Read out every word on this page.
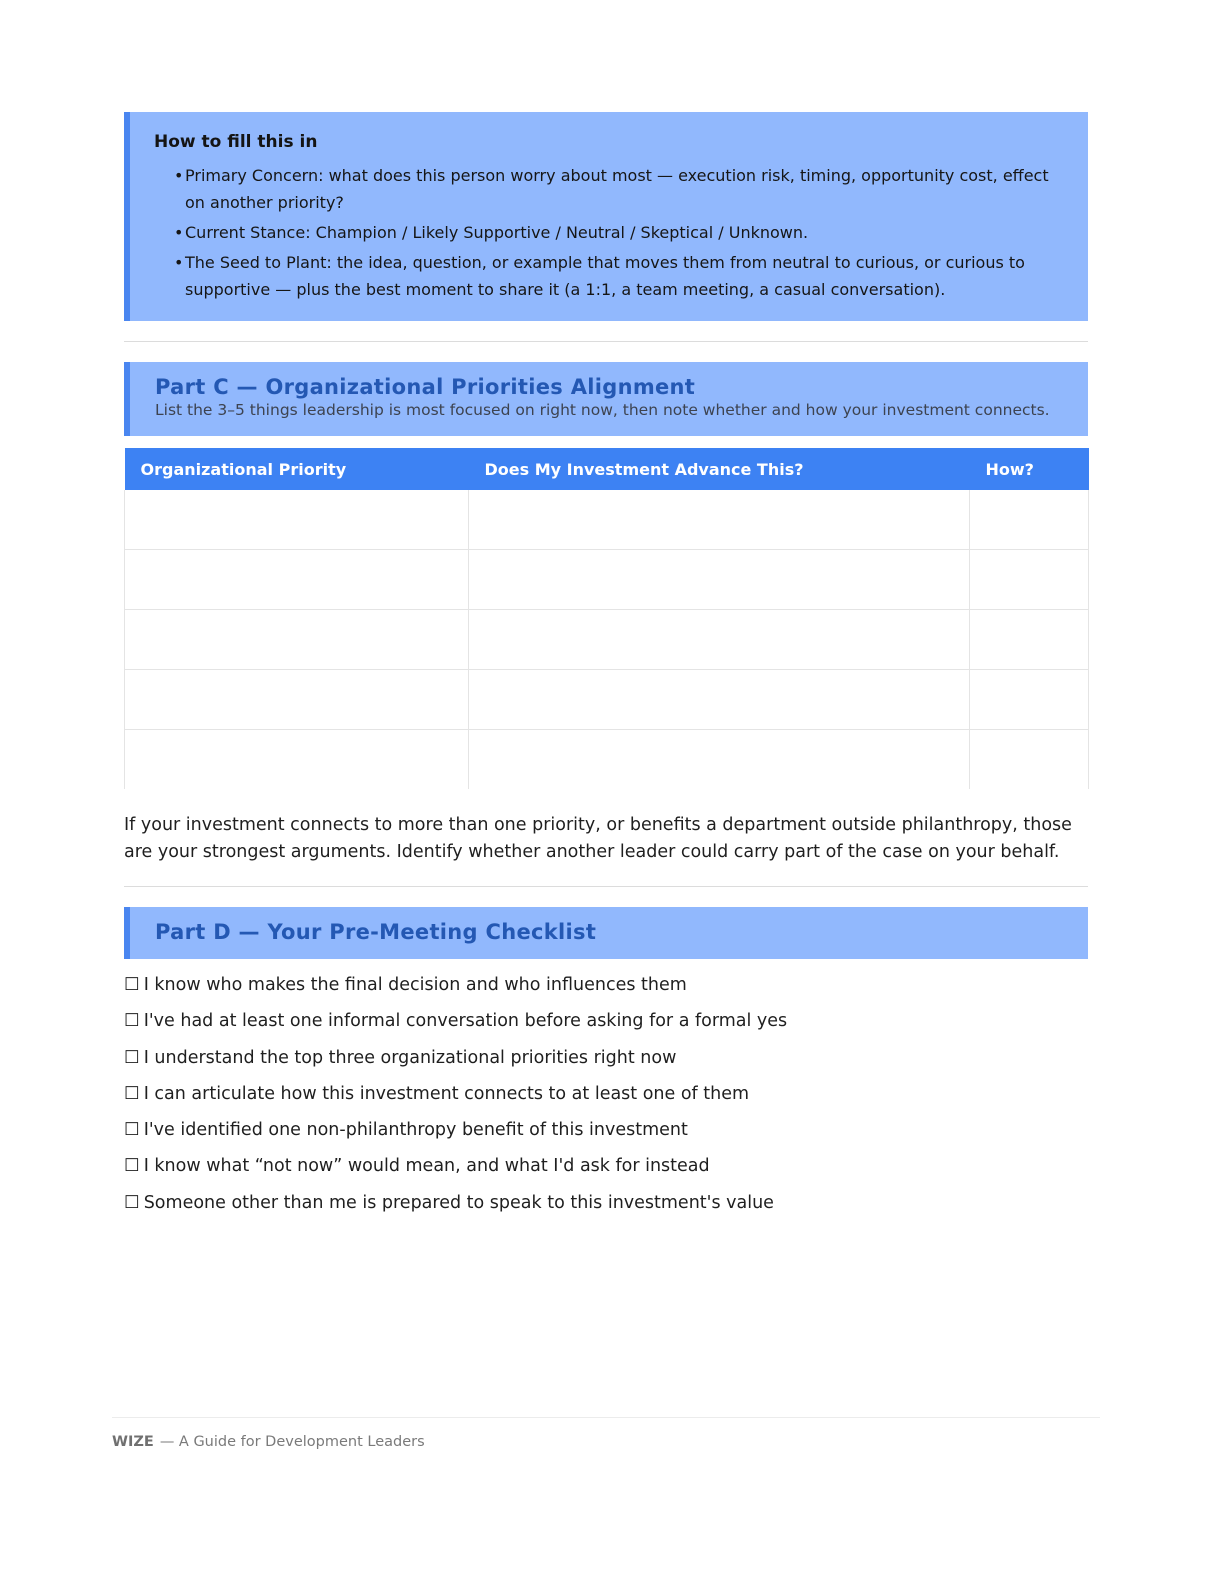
How to fill this in
• Primary Concern: what does this person worry about most — execution risk, timing, opportunity cost, effect on another priority?
• Current Stance: Champion / Likely Supportive / Neutral / Skeptical / Unknown.
• The Seed to Plant: the idea, question, or example that moves them from neutral to curious, or curious to supportive — plus the best moment to share it (a 1:1, a team meeting, a casual conversation).
Part C — Organizational Priorities Alignment
List the 3–5 things leadership is most focused on right now, then note whether and how your investment connects.
Organizational Priority	Does My Investment Advance This?	How?

If your investment connects to more than one priority, or benefits a department outside philanthropy, those are your strongest arguments. Identify whether another leader could carry part of the case on your behalf.

Part D — Your Pre-Meeting Checklist
☐ I know who makes the final decision and who influences them
☐ I've had at least one informal conversation before asking for a formal yes
☐ I understand the top three organizational priorities right now
☐ I can articulate how this investment connects to at least one of them
☐ I've identified one non-philanthropy benefit of this investment
☐ I know what “not now” would mean, and what I'd ask for instead
☐ Someone other than me is prepared to speak to this investment's value
WIZE — A Guide for Development Leaders
